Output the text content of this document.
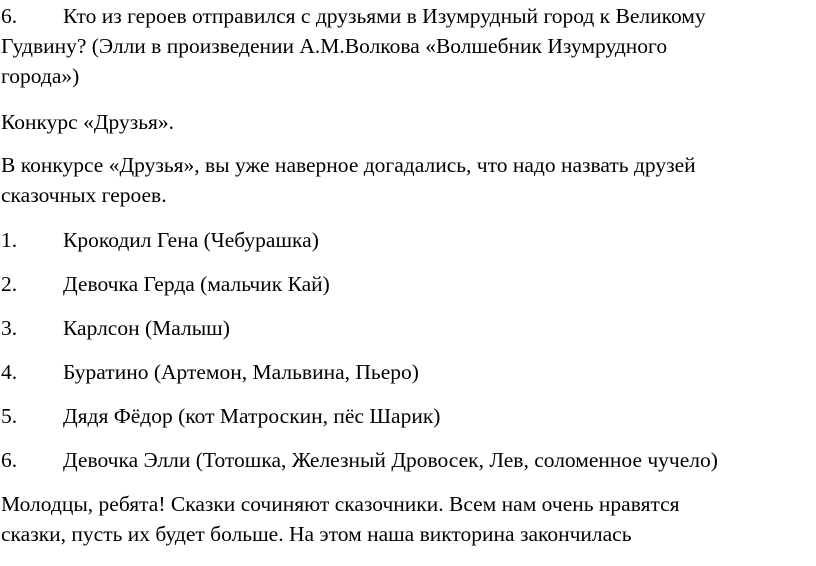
6. Кто из героев отправился с друзьями в Изумрудный город к Великому
Гудвину? (Элли в произведении А.М.Волкова «Волшебник Изумрудного
города»)
Конкурс «Друзья».
В конкурсе «Друзья», вы уже наверное догадались, что надо назвать друзей
сказочных героев.
1. Крокодил Гена (Чебурашка)
2. Девочка Герда (мальчик Кай)
3. Карлсон (Малыш)
4. Буратино (Артемон, Мальвина, Пьеро)
5. Дядя Фёдор (кот Матроскин, пёс Шарик)
6. Девочка Элли (Тотошка, Железный Дровосек, Лев, соломенное чучело)
Молодцы, ребята! Сказки сочиняют сказочники. Всем нам очень нравятся
сказки, пусть их будет больше. На этом наша викторина закончилась
